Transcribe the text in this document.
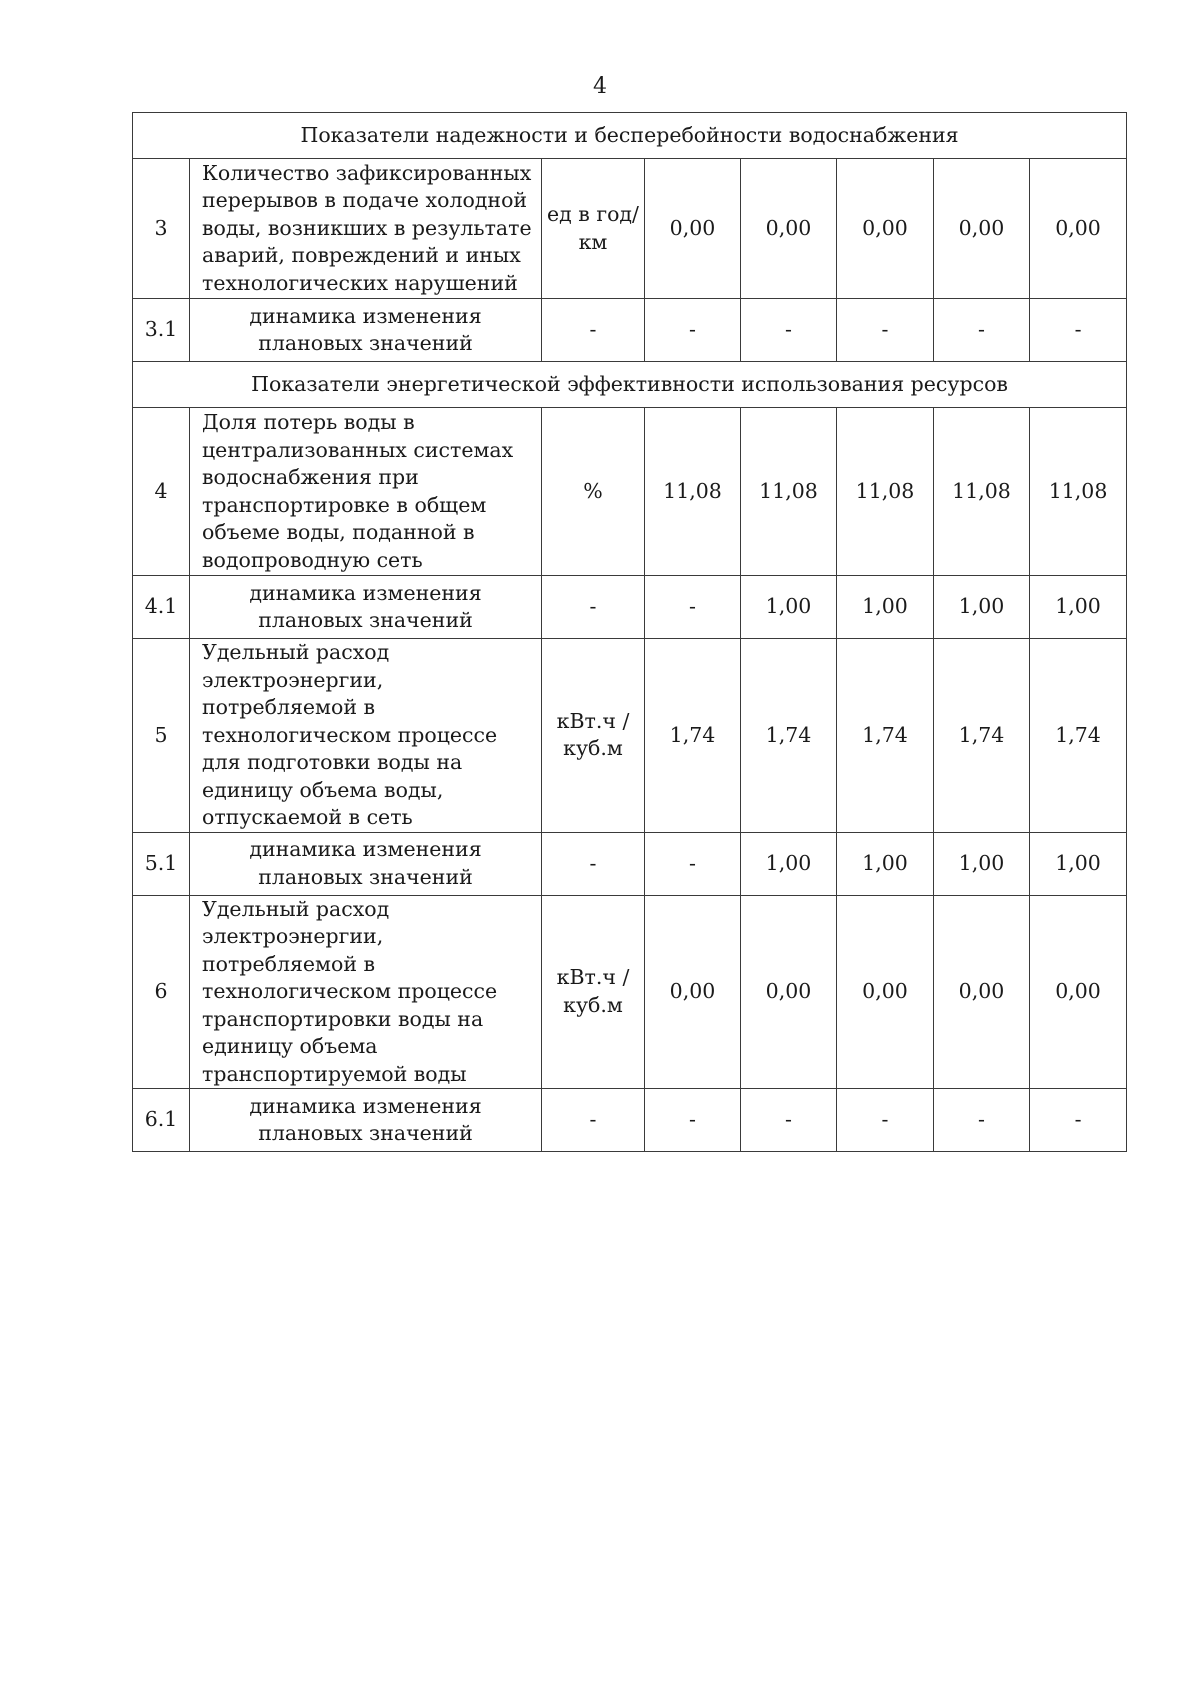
4
Показатели надежности и бесперебойности водоснабжения							
3	Количество зафиксированных перерывов в подаче холодной воды, возникших в результате аварий, повреждений и иных технологических нарушений	ед в год/ км	0,00	0,00	0,00	0,00	0,00
3.1	динамика изменения плановых значений	-	-	-	-	-	-
Показатели энергетической эффективности использования ресурсов							
4	Доля потерь воды в централизованных системах водоснабжения при транспортировке в общем объеме воды, поданной в водопроводную сеть	%	11,08	11,08	11,08	11,08	11,08
4.1	динамика изменения плановых значений	-	-	1,00	1,00	1,00	1,00
5	Удельный расход электроэнергии, потребляемой в технологическом процессе для подготовки воды на единицу объема воды, отпускаемой в сеть	кВт.ч / куб.м	1,74	1,74	1,74	1,74	1,74
5.1	динамика изменения плановых значений	-	-	1,00	1,00	1,00	1,00
6	Удельный расход электроэнергии, потребляемой в технологическом процессе транспортировки воды на единицу объема транспортируемой воды	кВт.ч / куб.м	0,00	0,00	0,00	0,00	0,00
6.1	динамика изменения плановых значений	-	-	-	-	-	-
